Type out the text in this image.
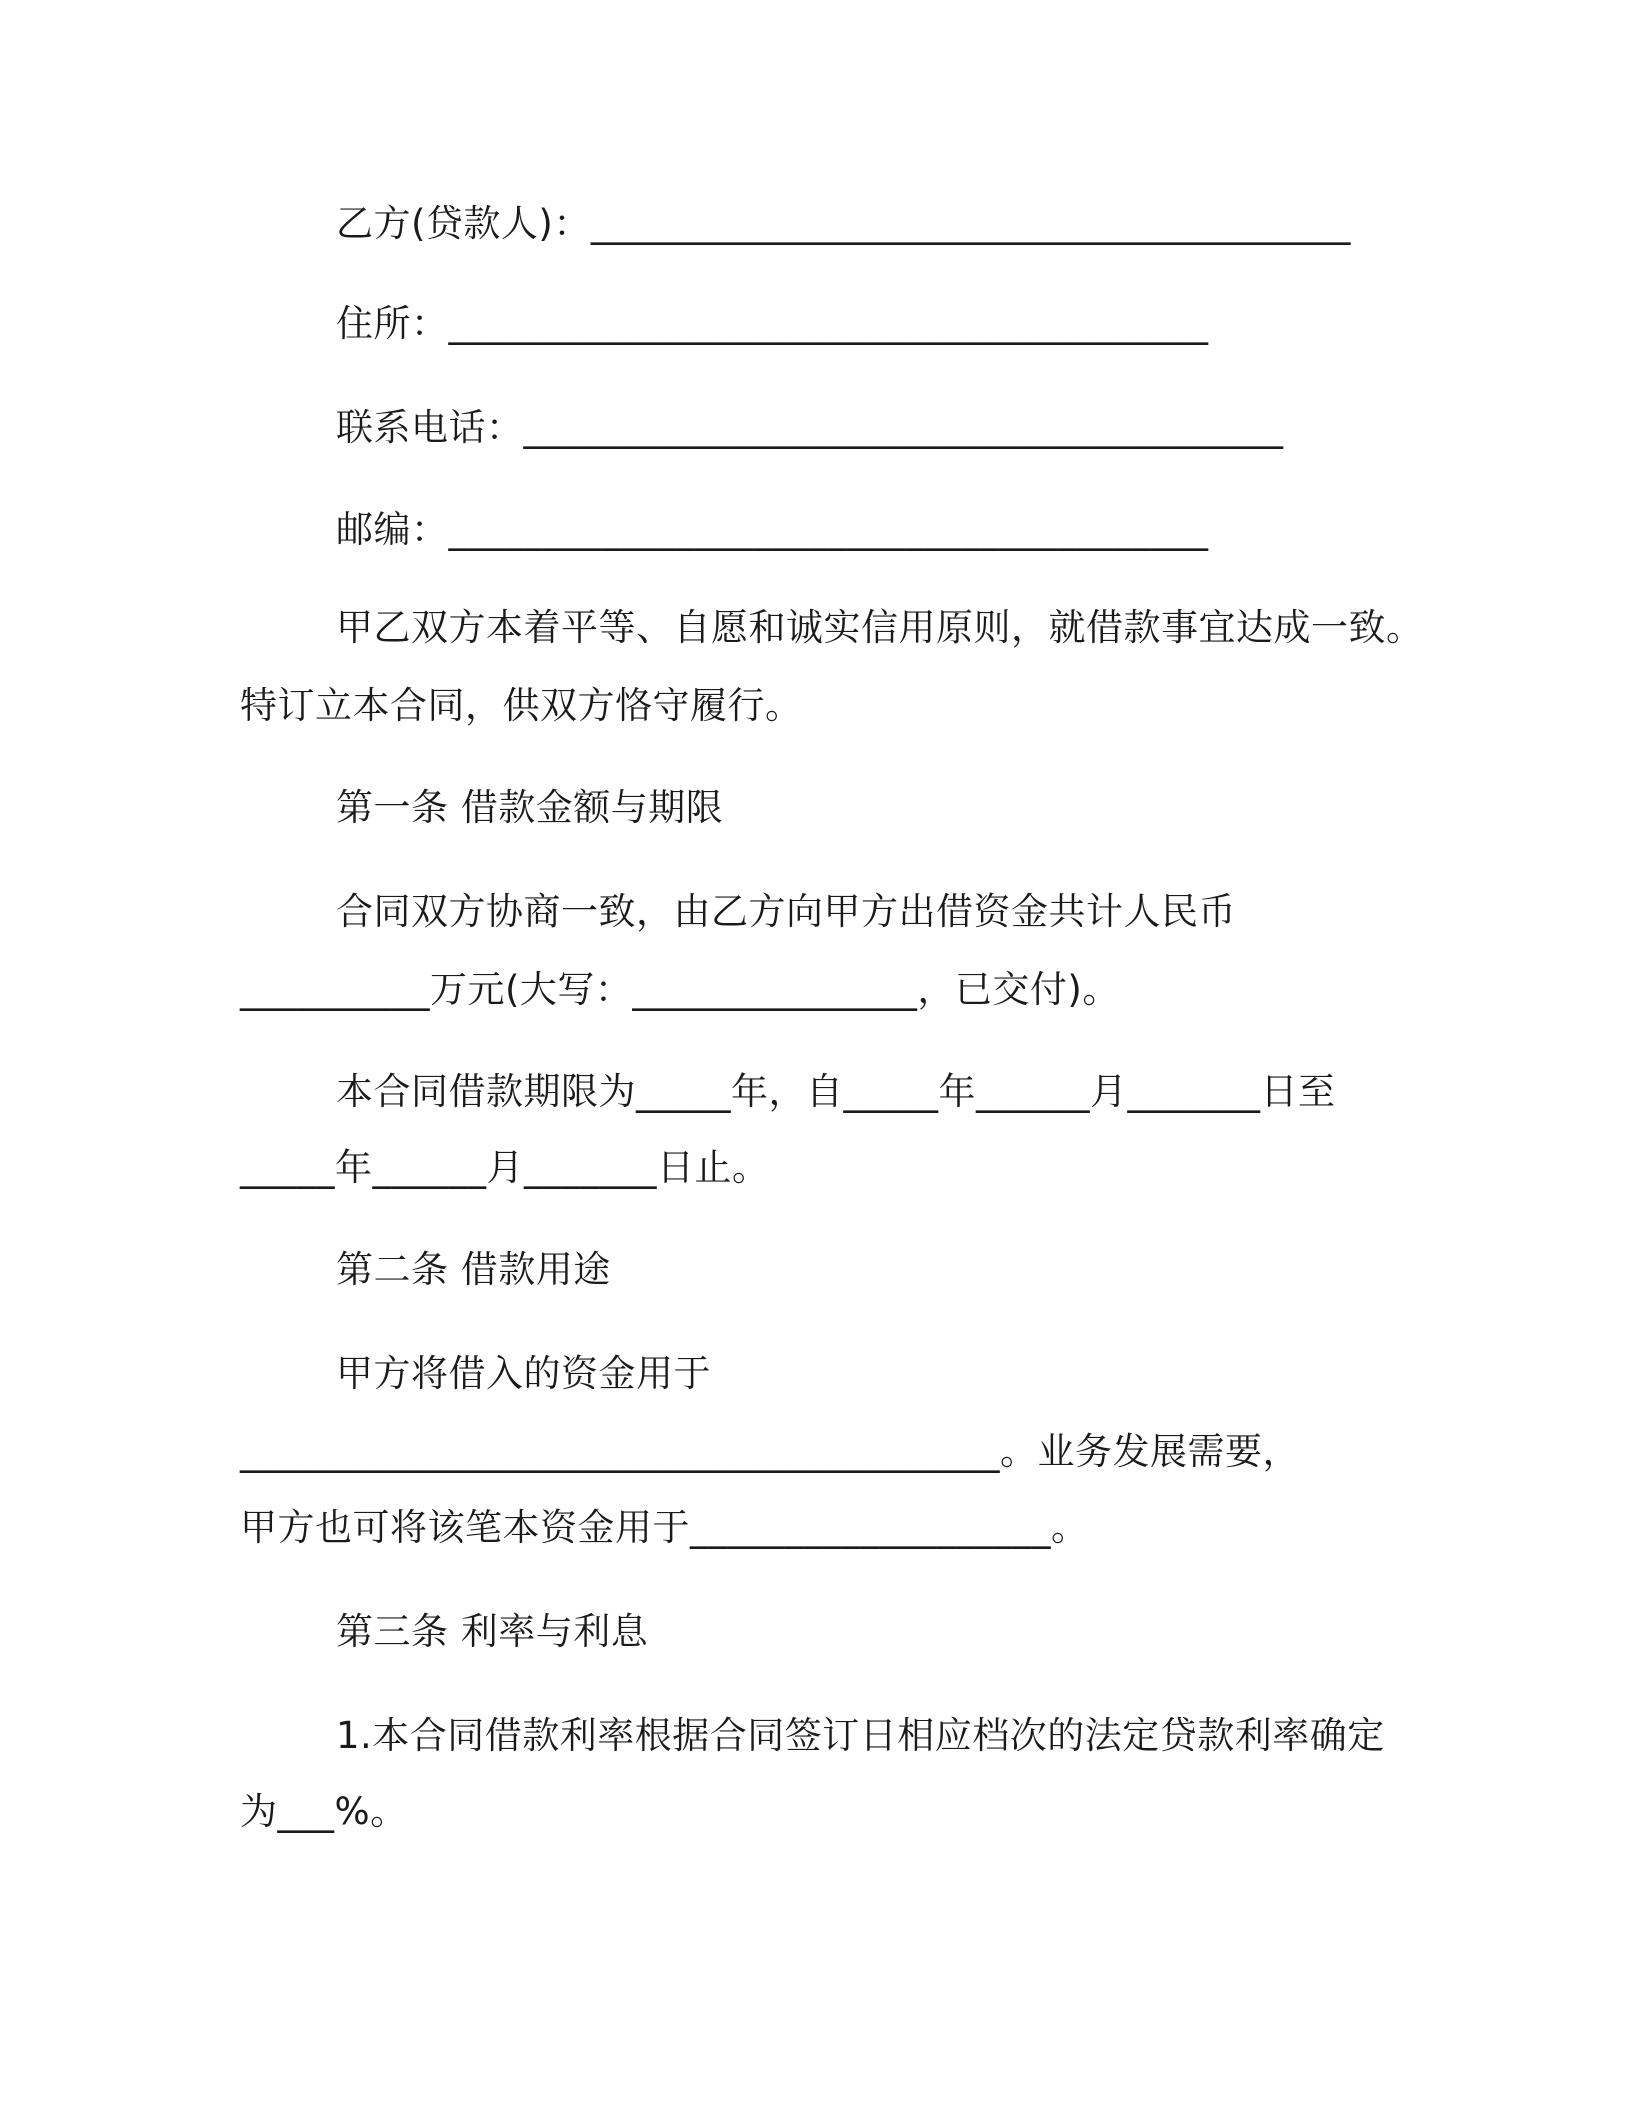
乙方(贷款人)：________________________________________
住所：________________________________________
联系电话：________________________________________
邮编：________________________________________
甲乙双方本着平等、自愿和诚实信用原则，就借款事宜达成一致。
特订立本合同，供双方恪守履行。
第一条 借款金额与期限
合同双方协商一致，由乙方向甲方出借资金共计人民币
__________万元(大写：_______________，已交付)。
本合同借款期限为_____年，自_____年______月_______日至
_____年______月_______日止。
第二条 借款用途
甲方将借入的资金用于
________________________________________。业务发展需要，
甲方也可将该笔本资金用于___________________。
第三条 利率与利息
1.本合同借款利率根据合同签订日相应档次的法定贷款利率确定
为___%。
